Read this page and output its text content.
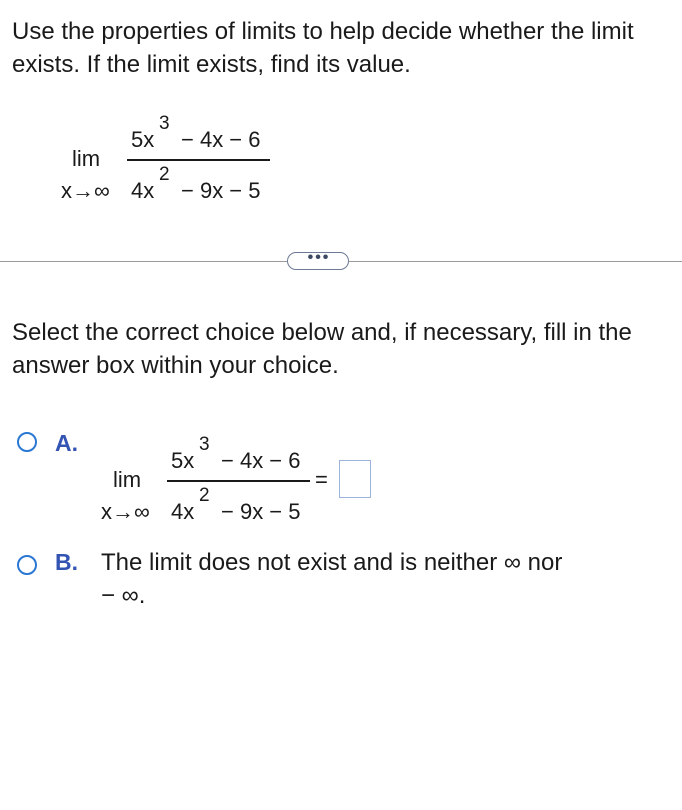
Use the properties of limits to help decide whether the limit exists. If the limit exists, find its value.
lim
x→∞
5x
3
− 4x − 6
4x
2
− 9x − 5
•••
Select the correct choice below and, if necessary, fill in the answer box within your choice.
A.
lim
x→∞
5x
3
− 4x − 6
4x
2
− 9x − 5
=
B. The limit does not exist and is neither ∞ nor
− ∞.
